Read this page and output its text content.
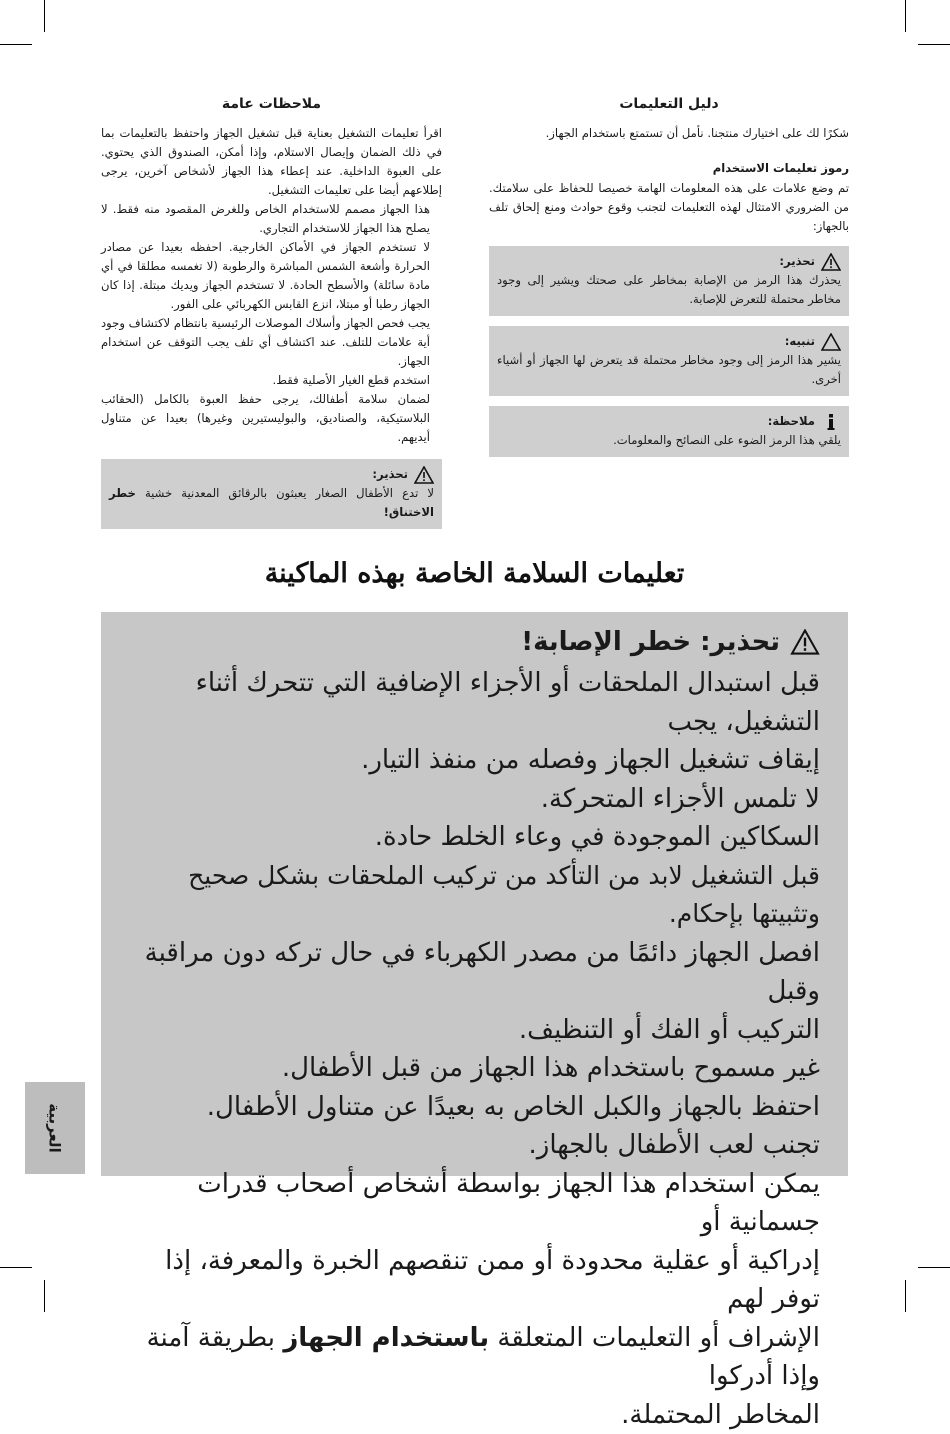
دليل التعليمات

شكرًا لك على اختيارك منتجنا. نأمل أن تستمتع باستخدام الجهاز.

رموز تعليمات الاستخدام

تم وضع علامات على هذه المعلومات الهامة خصيصا للحفاظ على سلامتك. من الضروري الامتثال لهذه التعليمات لتجنب وقوع حوادث ومنع إلحاق تلف بالجهاز:

تحذير:
يحذرك هذا الرمز من الإصابة بمخاطر على صحتك ويشير إلى وجود مخاطر محتملة للتعرض للإصابة.
تنبيه:
يشير هذا الرمز إلى وجود مخاطر محتملة قد يتعرض لها الجهاز أو أشياء أخرى.
ملاحظة:
يلقي هذا الرمز الضوء على النصائح والمعلومات.
ملاحظات عامة

اقرأ تعليمات التشغيل بعناية قبل تشغيل الجهاز واحتفظ بالتعليمات بما في ذلك الضمان وإيصال الاستلام، وإذا أمكن، الصندوق الذي يحتوي. على العبوة الداخلية. عند إعطاء هذا الجهاز لأشخاص آخرين، يرجى إطلاعهم أيضا على تعليمات التشغيل.

هذا الجهاز مصمم للاستخدام الخاص وللغرض المقصود منه فقط. لا يصلح هذا الجهاز للاستخدام التجاري.

لا تستخدم الجهاز في الأماكن الخارجية. احفظه بعيدا عن مصادر الحرارة وأشعة الشمس المباشرة والرطوبة (لا تغمسه مطلقا في أي مادة سائلة) والأسطح الحادة. لا تستخدم الجهاز ويديك مبتلة. إذا كان الجهاز رطبا أو مبتلا، انزع القابس الكهربائي على الفور.

يجب فحص الجهاز وأسلاك الموصلات الرئيسية بانتظام لاكتشاف وجود أية علامات للتلف. عند اكتشاف أي تلف يجب التوقف عن استخدام الجهاز.

استخدم قطع الغيار الأصلية فقط.

لضمان سلامة أطفالك، يرجى حفظ العبوة بالكامل (الحقائب البلاستيكية، والصناديق، والبوليستيرين وغيرها) بعيدا عن متناول أيديهم.

تحذير:
لا تدع الأطفال الصغار يعبثون بالرقائق المعدنية خشية خطر الاختناق!
تعليمات السلامة الخاصة بهذه الماكينة
تحذير: خطر الإصابة!

قبل استبدال الملحقات أو الأجزاء الإضافية التي تتحرك أثناء التشغيل، يجب

إيقاف تشغيل الجهاز وفصله من منفذ التيار.

لا تلمس الأجزاء المتحركة.

السكاكين الموجودة في وعاء الخلط حادة.

قبل التشغيل لابد من التأكد من تركيب الملحقات بشكل صحيح وتثبيتها بإحكام.

افصل الجهاز دائمًا من مصدر الكهرباء في حال تركه دون مراقبة وقبل

التركيب أو الفك أو التنظيف.

غير مسموح باستخدام هذا الجهاز من قبل الأطفال.

احتفظ بالجهاز والكبل الخاص به بعيدًا عن متناول الأطفال.

تجنب لعب الأطفال بالجهاز.

يمكن استخدام هذا الجهاز بواسطة أشخاص أصحاب قدرات جسمانية أو

إدراكية أو عقلية محدودة أو ممن تنقصهم الخبرة والمعرفة، إذا توفر لهم

الإشراف أو التعليمات المتعلقة باستخدام الجهاز بطريقة آمنة وإذا أدركوا

المخاطر المحتملة.

العربية
